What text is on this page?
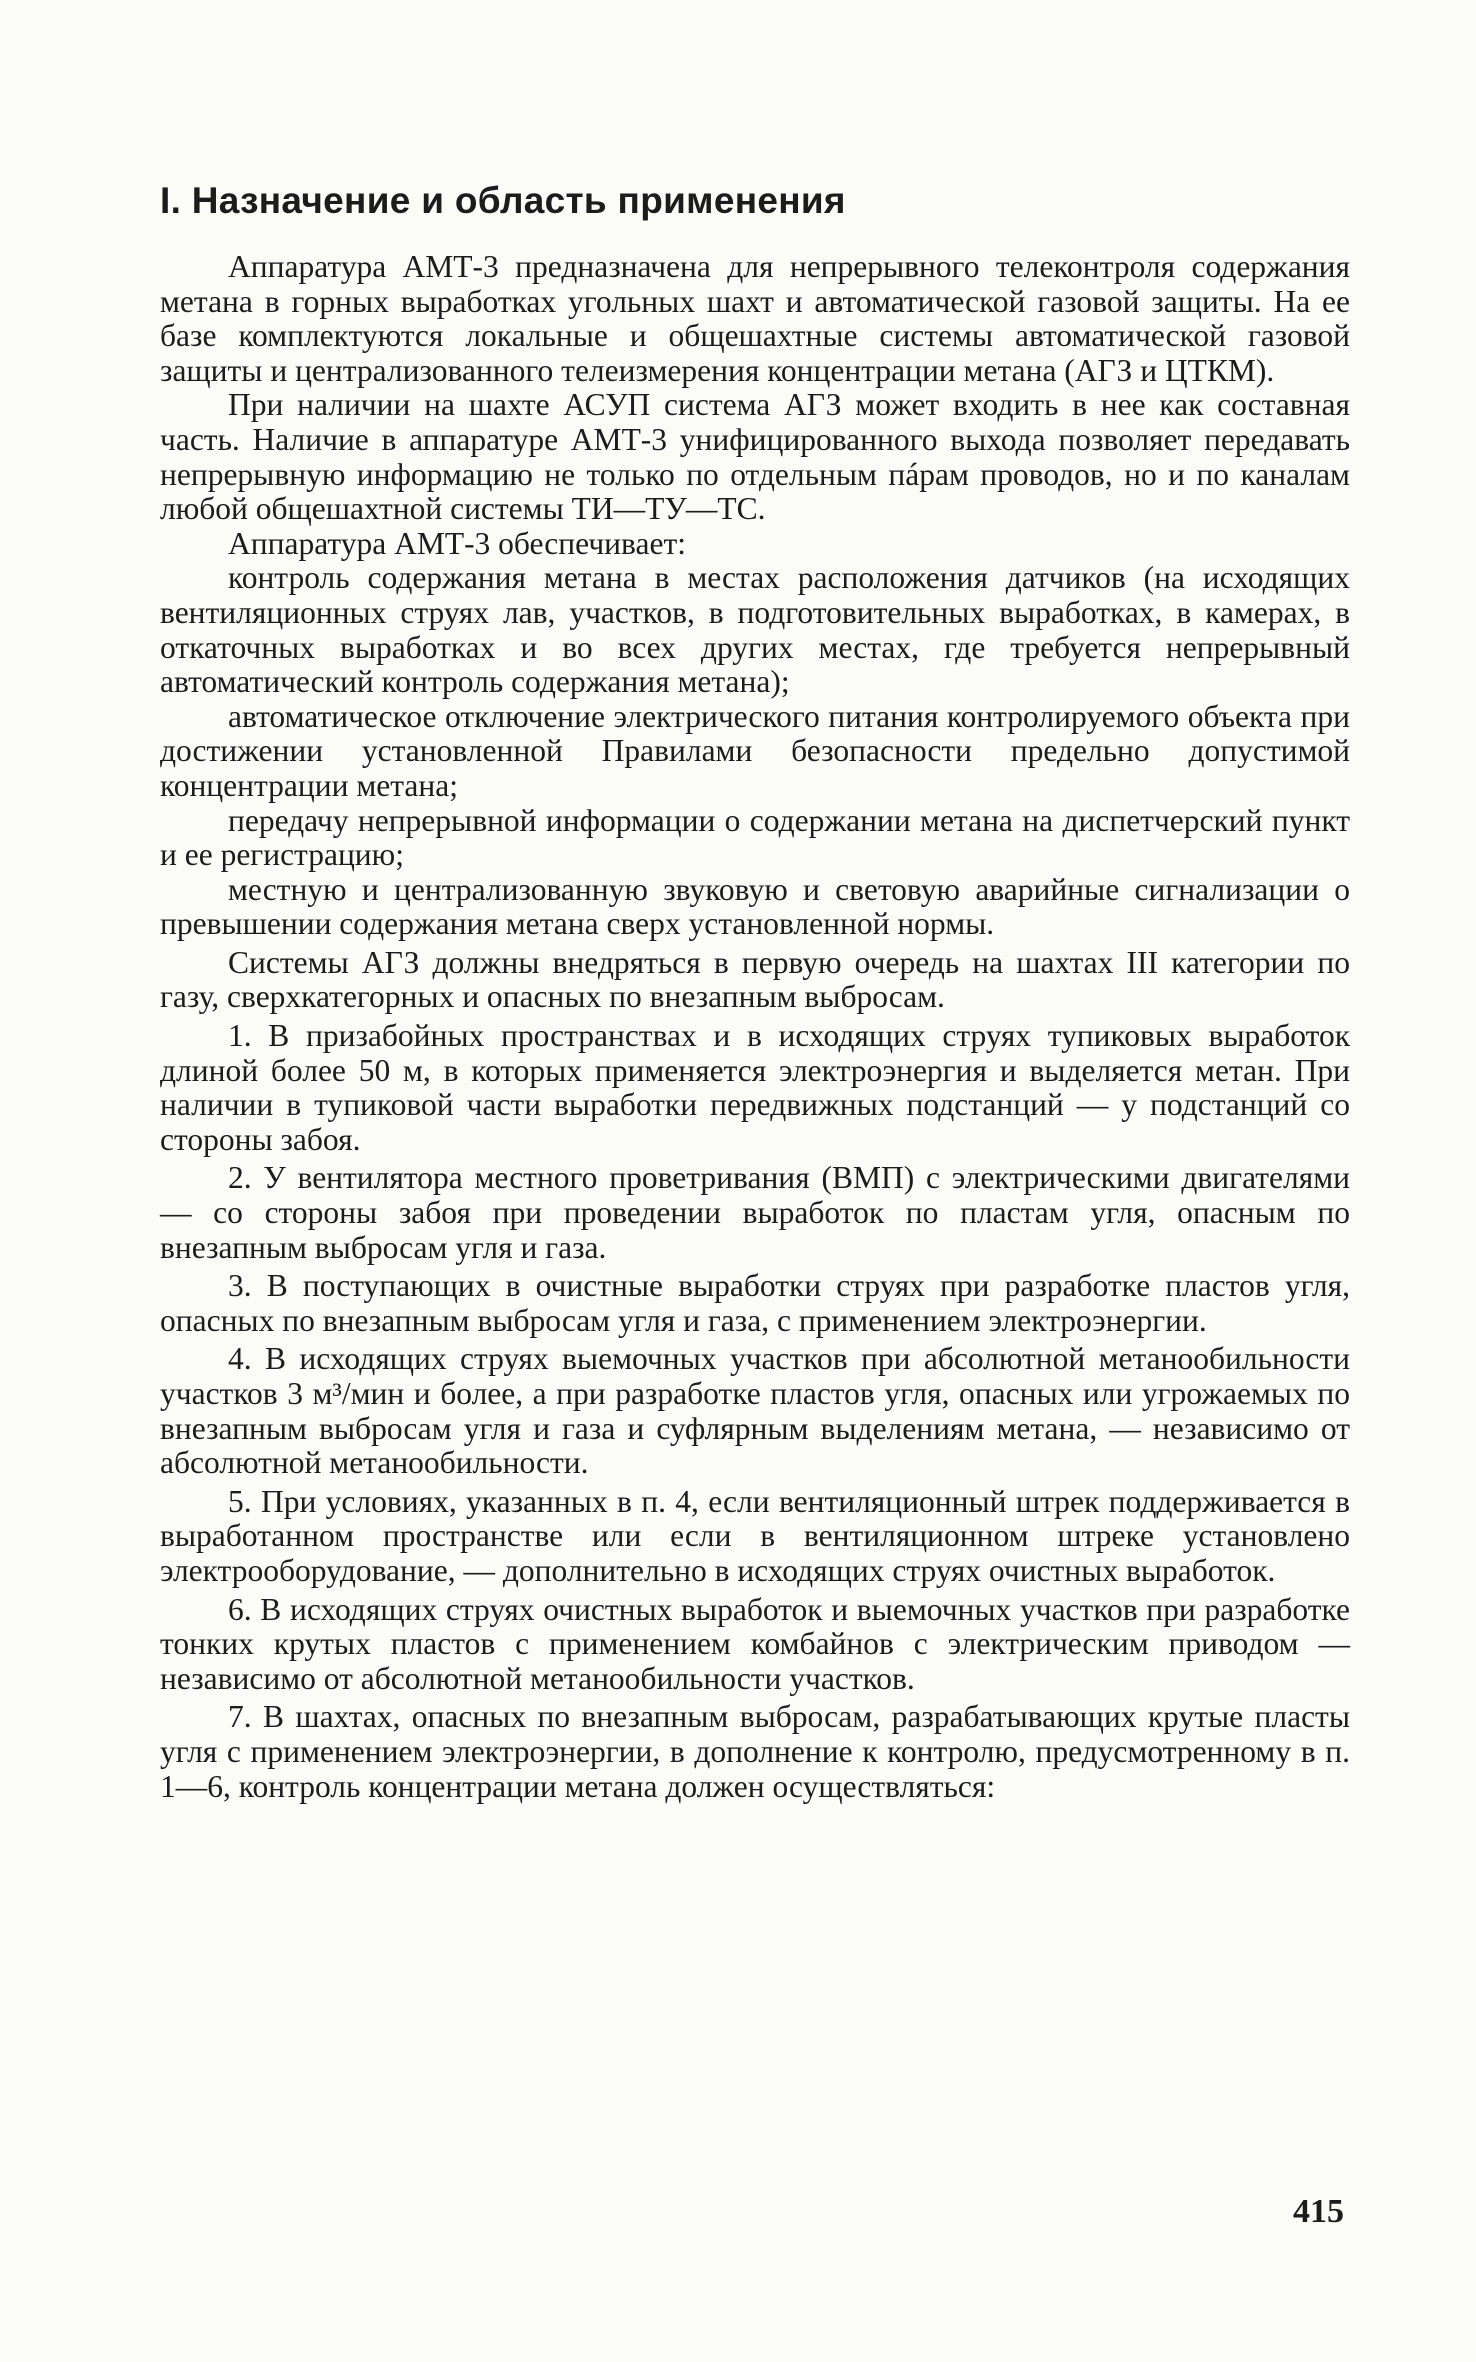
I. Назначение и область применения

Аппаратура АМТ-3 предназначена для непрерывного телеконтроля содержания метана в горных выработках угольных шахт и автоматической газовой защиты. На ее базе комплектуются локальные и общешахтные системы автоматической газовой защиты и централизованного телеизмерения концентрации метана (АГЗ и ЦТКМ).

При наличии на шахте АСУП система АГЗ может входить в нее как составная часть. Наличие в аппаратуре АМТ-3 унифицированного выхода позволяет передавать непрерывную информацию не только по отдельным пáрам проводов, но и по каналам любой общешахтной системы ТИ—ТУ—ТС.

Аппаратура АМТ-3 обеспечивает:

контроль содержания метана в местах расположения датчиков (на исходящих вентиляционных струях лав, участков, в подготовительных выработках, в камерах, в откаточных выработках и во всех других местах, где требуется непрерывный автоматический контроль содержания метана);

автоматическое отключение электрического питания контролируемого объекта при достижении установленной Правилами безопасности предельно допустимой концентрации метана;

передачу непрерывной информации о содержании метана на диспетчерский пункт и ее регистрацию;

местную и централизованную звуковую и световую аварийные сигнализации о превышении содержания метана сверх установленной нормы.

Системы АГЗ должны внедряться в первую очередь на шахтах III категории по газу, сверхкатегорных и опасных по внезапным выбросам.

1. В призабойных пространствах и в исходящих струях тупиковых выработок длиной более 50 м, в которых применяется электроэнергия и выделяется метан. При наличии в тупиковой части выработки передвижных подстанций — у подстанций со стороны забоя.

2. У вентилятора местного проветривания (ВМП) с электрическими двигателями — со стороны забоя при проведении выработок по пластам угля, опасным по внезапным выбросам угля и газа.

3. В поступающих в очистные выработки струях при разработке пластов угля, опасных по внезапным выбросам угля и газа, с применением электроэнергии.

4. В исходящих струях выемочных участков при абсолютной метанообильности участков 3 м³/мин и более, а при разработке пластов угля, опасных или угрожаемых по внезапным выбросам угля и газа и суфлярным выделениям метана, — независимо от абсолютной метанообильности.

5. При условиях, указанных в п. 4, если вентиляционный штрек поддерживается в выработанном пространстве или если в вентиляционном штреке установлено электрооборудование, — дополнительно в исходящих струях очистных выработок.

6. В исходящих струях очистных выработок и выемочных участков при разработке тонких крутых пластов с применением комбайнов с электрическим приводом — независимо от абсолютной метанообильности участков.

7. В шахтах, опасных по внезапным выбросам, разрабатывающих крутые пласты угля с применением электроэнергии, в дополнение к контролю, предусмотренному в п. 1—6, контроль концентрации метана должен осуществляться:

415
